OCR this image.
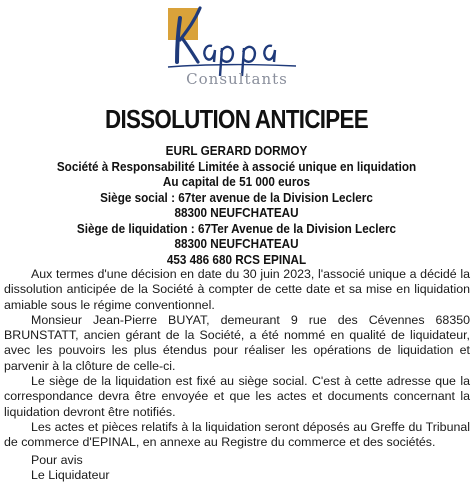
Consultants
DISSOLUTION ANTICIPEE
EURL GERARD DORMOY
Société à Responsabilité Limitée à associé unique en liquidation
Au capital de 51 000 euros
Siège social : 67ter avenue de la Division Leclerc
88300 NEUFCHATEAU
Siège de liquidation : 67Ter Avenue de la Division Leclerc
88300 NEUFCHATEAU
453 486 680 RCS EPINAL

Aux termes d'une décision en date du 30 juin 2023, l'associé unique a décidé la dissolution anticipée de la Société à compter de cette date et sa mise en liquidation amiable sous le régime conventionnel.

Monsieur Jean-Pierre BUYAT, demeurant 9 rue des Cévennes 68350 BRUNSTATT, ancien gérant de la Société, a été nommé en qualité de liquidateur, avec les pouvoirs les plus étendus pour réaliser les opérations de liquidation et parvenir à la clôture de celle-ci.

Le siège de la liquidation est fixé au siège social. C'est à cette adresse que la correspondance devra être envoyée et que les actes et documents concernant la liquidation devront être notifiés.

Les actes et pièces relatifs à la liquidation seront déposés au Greffe du Tribunal de commerce d'EPINAL, en annexe au Registre du commerce et des sociétés.

Pour avis
Le Liquidateur
